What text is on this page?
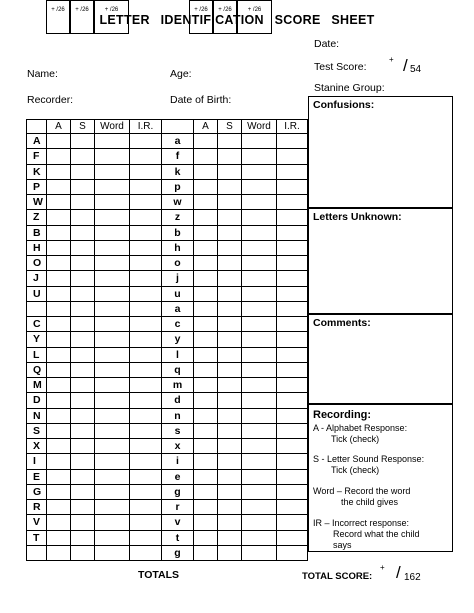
LETTER IDENTIFICATION SCORE SHEET
Date:
Name:	Age:
Test Score:
+ / 54
Stanine Group:
Recorder:	Date of Birth:
	A	S	Word	I.R.		A	S	Word	I.R.
A					a				
F					f				
K					k				
P					p				
W					w				
Z					z				
B					b				
H					h				
O					o				
J					j				
U					u				
					a				
C					c				
Y					y				
L					l				
Q					q				
M					m				
D					d				
N					n				
S					s				
X					x				
I					i				
E					e				
G					g				
R					r				
V					v				
T					t				
					g				
Confusions:
Letters Unknown:
Comments:
Recording:
A - Alphabet Response:
Tick (check)
S - Letter Sound Response:
Tick (check)
Word – Record the word
the child gives
IR – Incorrect response:
Record what the child
says
+ /26	+ /26	+ /26
TOTALS
+ /26	+ /26	+ /26
TOTAL SCORE:
+ / 162
